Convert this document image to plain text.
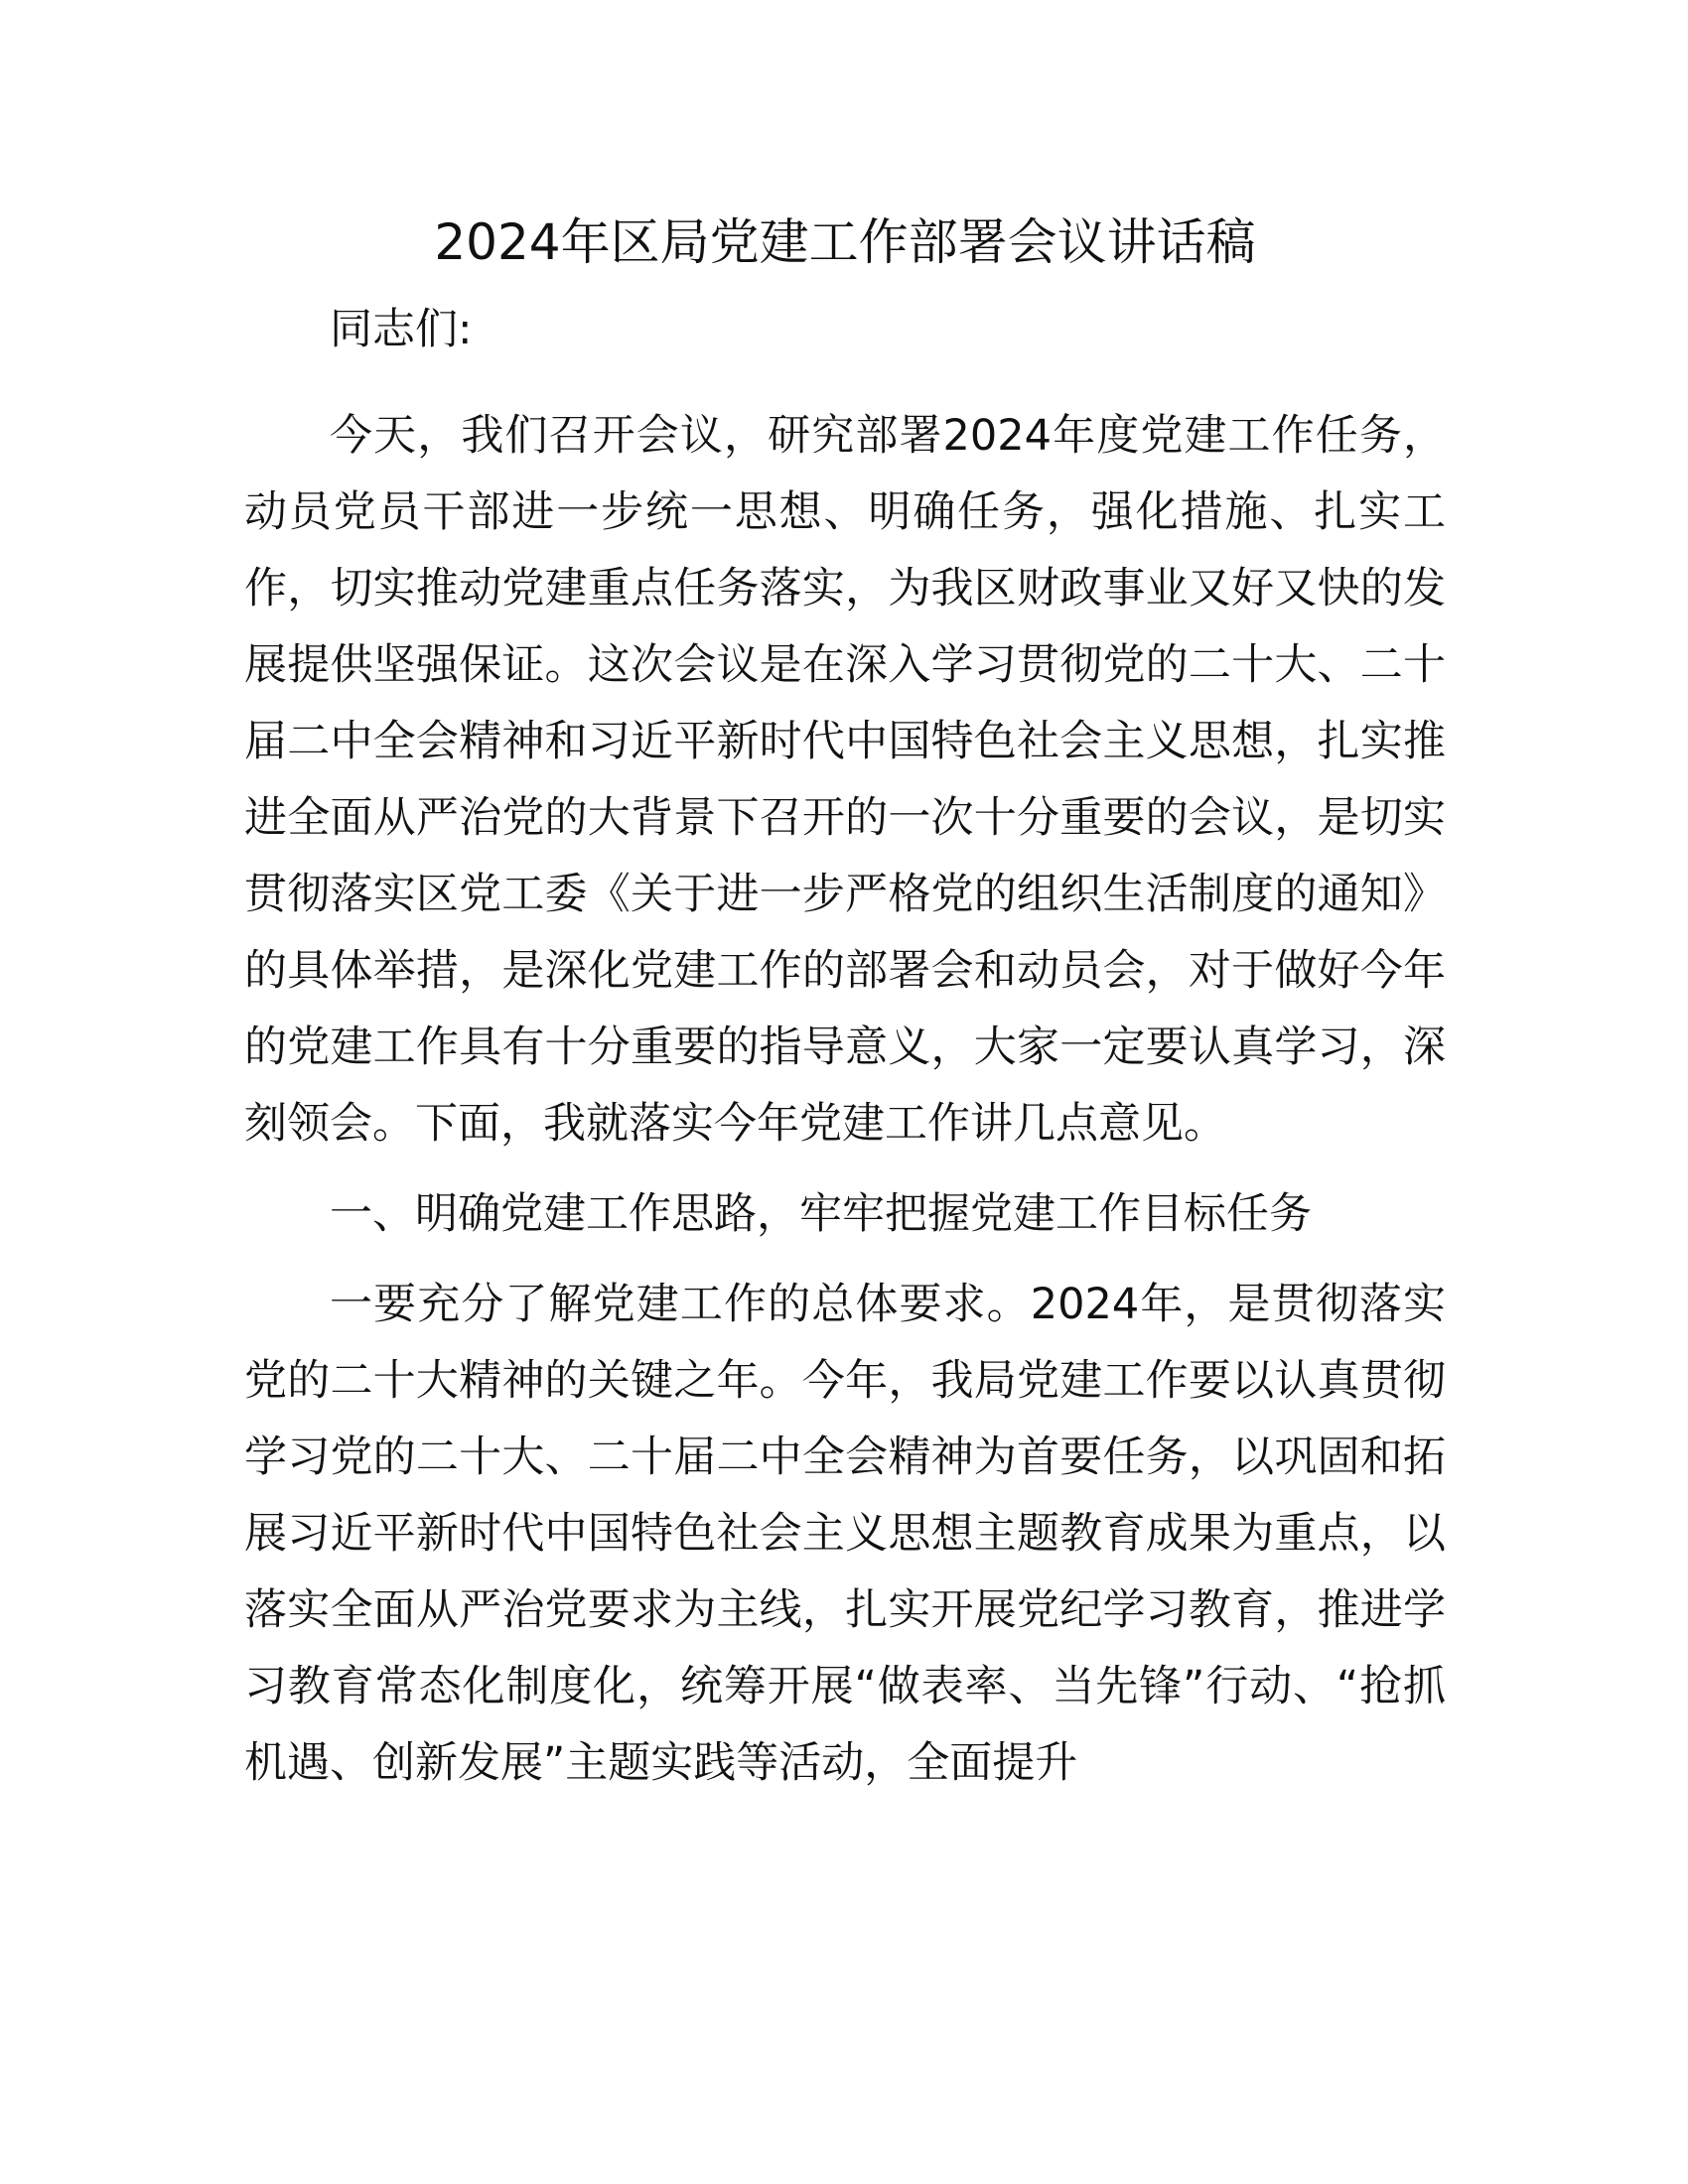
2024年区局党建工作部署会议讲话稿

同志们:

今天，我们召开会议，研究部署2024年度党建工作任务，动员党员干部进一步统一思想、明确任务，强化措施、扎实工作，切实推动党建重点任务落实，为我区财政事业又好又快的发展提供坚强保证。这次会议是在深入学习贯彻党的二十大、二十届二中全会精神和习近平新时代中国特色社会主义思想，扎实推进全面从严治党的大背景下召开的一次十分重要的会议，是切实贯彻落实区党工委《关于进一步严格党的组织生活制度的通知》的具体举措，是深化党建工作的部署会和动员会，对于做好今年的党建工作具有十分重要的指导意义，大家一定要认真学习，深刻领会。下面，我就落实今年党建工作讲几点意见。

一、明确党建工作思路，牢牢把握党建工作目标任务

一要充分了解党建工作的总体要求。2024年，是贯彻落实党的二十大精神的关键之年。今年，我局党建工作要以认真贯彻学习党的二十大、二十届二中全会精神为首要任务，以巩固和拓展习近平新时代中国特色社会主义思想主题教育成果为重点，以落实全面从严治党要求为主线，扎实开展党纪学习教育，推进学习教育常态化制度化，统筹开展“做表率、当先锋”行动、“抢抓机遇、创新发展”主题实践等活动，全面提升
